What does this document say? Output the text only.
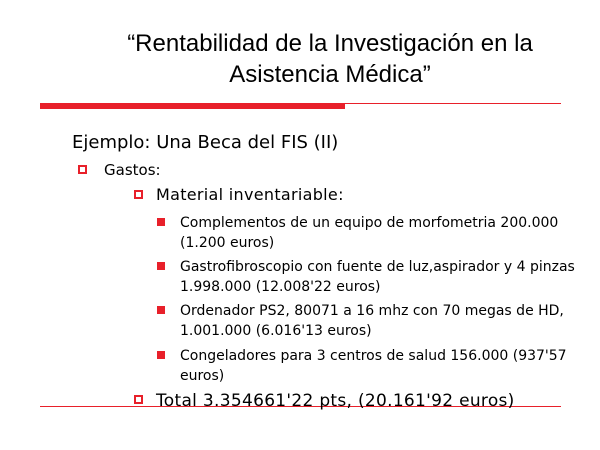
“Rentabilidad de la Investigación en la
Asistencia Médica”
Ejemplo: Una Beca del FIS (II)
Gastos:
Material inventariable:
Complementos de un equipo de morfometria 200.000 (1.200 euros)
Gastrofibroscopio con fuente de luz,aspirador y 4 pinzas 1.998.000 (12.008'22 euros)
Ordenador PS2, 80071 a 16 mhz con 70 megas de HD, 1.001.000 (6.016'13 euros)
Congeladores para 3 centros de salud 156.000 (937'57 euros)
Total 3.354661'22 pts, (20.161'92 euros)
